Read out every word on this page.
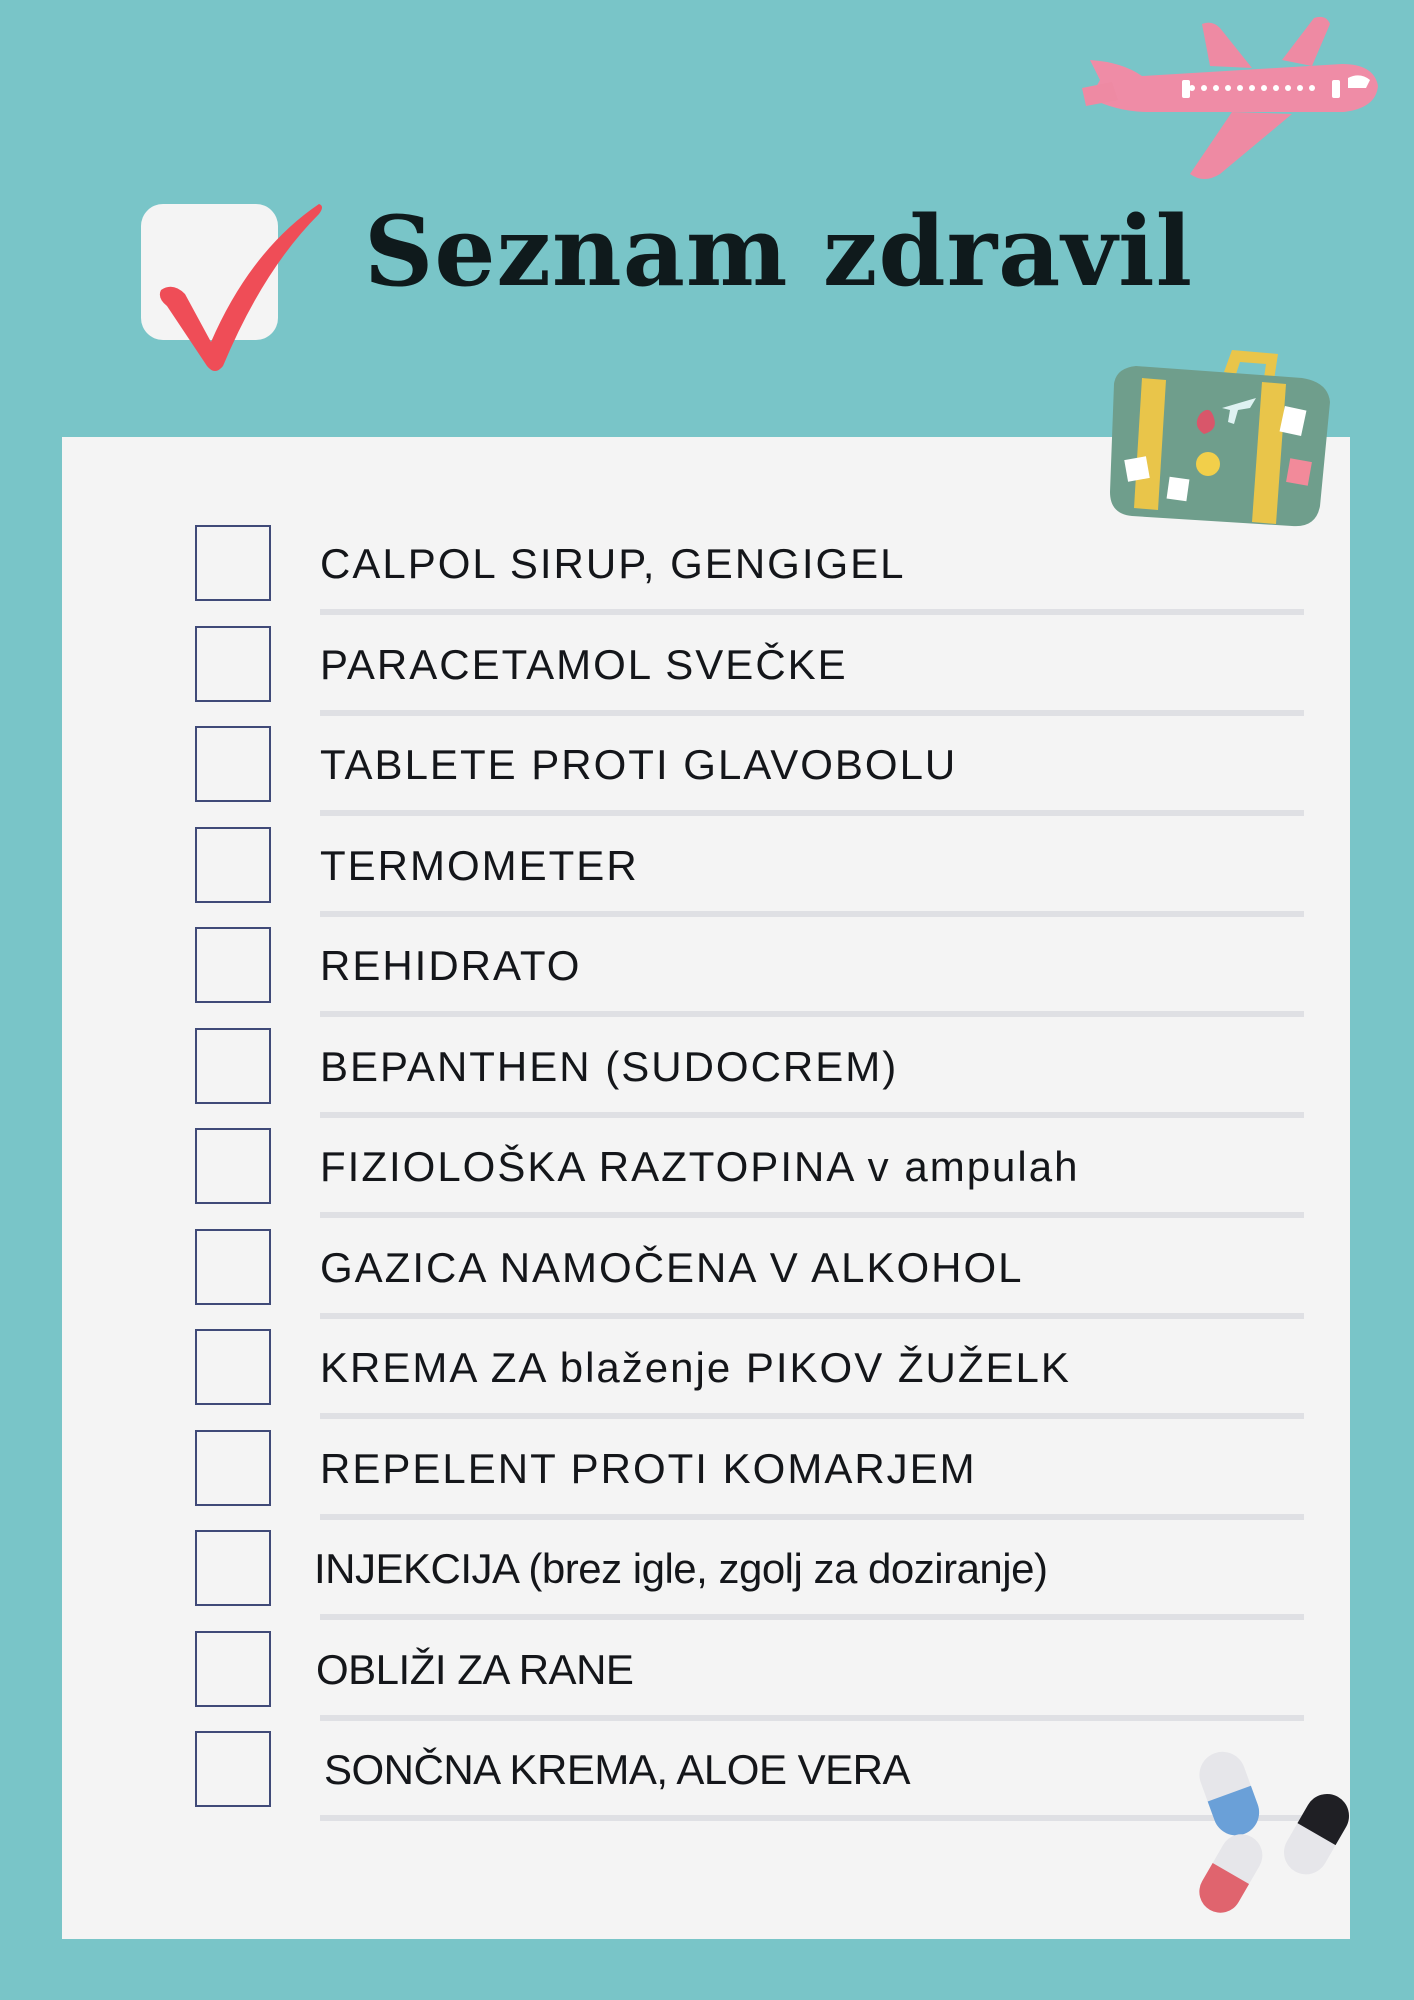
Seznam zdravil
CALPOL SIRUP, GENGIGEL
PARACETAMOL SVEČKE
TABLETE PROTI GLAVOBOLU
TERMOMETER
REHIDRATO
BEPANTHEN (SUDOCREM)
FIZIOLOŠKA RAZTOPINA v ampulah
GAZICA NAMOČENA V ALKOHOL
KREMA ZA blaženje PIKOV ŽUŽELK
REPELENT PROTI KOMARJEM
INJEKCIJA (brez igle, zgolj za doziranje)
OBLIŽI ZA RANE
SONČNA KREMA, ALOE VERA
